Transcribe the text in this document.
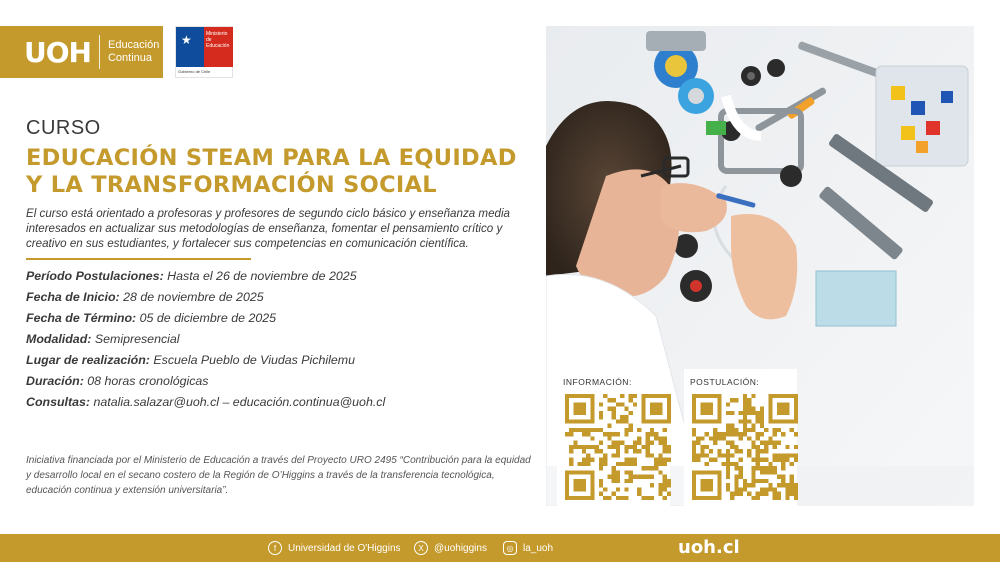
UOH Educación
Continua
★	Ministerio de
Educación
Gobierno de Chile
CURSO
EDUCACIÓN STEAM PARA LA EQUIDAD
Y LA TRANSFORMACIÓN SOCIAL
El curso está orientado a profesoras y profesores de segundo ciclo básico y enseñanza media interesados en actualizar sus metodologías de enseñanza, fomentar el pensamiento crítico y creativo en sus estudiantes, y fortalecer sus competencias en comunicación científica.
Período Postulaciones: Hasta el 26 de noviembre de 2025
Fecha de Inicio: 28 de noviembre de 2025
Fecha de Término: 05 de diciembre de 2025
Modalidad: Semipresencial
Lugar de realización: Escuela Pueblo de Viudas Pichilemu
Duración: 08 horas cronológicas
Consultas: natalia.salazar@uoh.cl – educación.continua@uoh.cl
Iniciativa financiada por el Ministerio de Educación a través del Proyecto URO 2495 “Contribución para la equidad y desarrollo local en el secano costero de la Región de O’Higgins a través de la transferencia tecnológica, educación continua y extensión universitaria”.
INFORMACIÓN:	POSTULACIÓN:
f	Universidad de O'Higgins	X	@uohiggins	◎ la_uoh	uoh.cl
